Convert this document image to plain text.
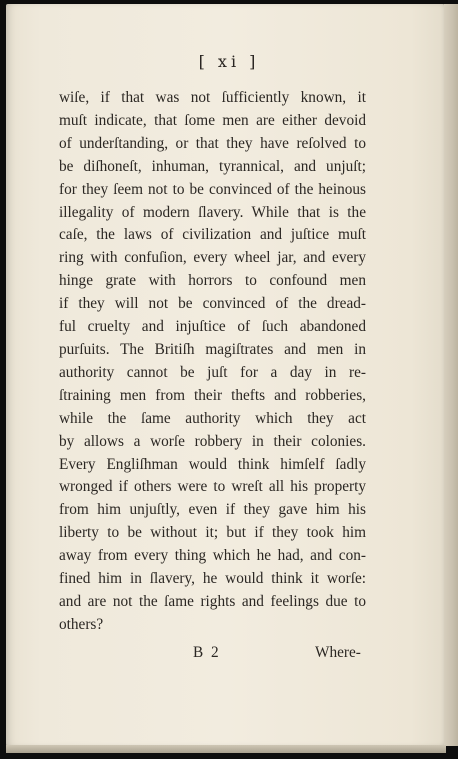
[ xi ]
wiſe, if that was not ſufficiently known, it
muſt indicate, that ſome men are either devoid
of underſtanding, or that they have reſolved to
be diſhoneſt, inhuman, tyrannical, and unjuſt;
for they ſeem not to be convinced of the heinous
illegality of modern ſlavery. While that is the
caſe, the laws of civilization and juſtice muſt
ring with confuſion, every wheel jar, and every
hinge grate with horrors to confound men
if they will not be convinced of the dread-
ful cruelty and injuſtice of ſuch abandoned
purſuits. The Britiſh magiſtrates and men in
authority cannot be juſt for a day in re-
ſtraining men from their thefts and robberies,
while the ſame authority which they act
by allows a worſe robbery in their colonies.
Every Engliſhman would think himſelf ſadly
wronged if others were to wreſt all his property
from him unjuſtly, even if they gave him his
liberty to be without it; but if they took him
away from every thing which he had, and con-
fined him in ſlavery, he would think it worſe:
and are not the ſame rights and feelings due to
others?
B 2	Where-
